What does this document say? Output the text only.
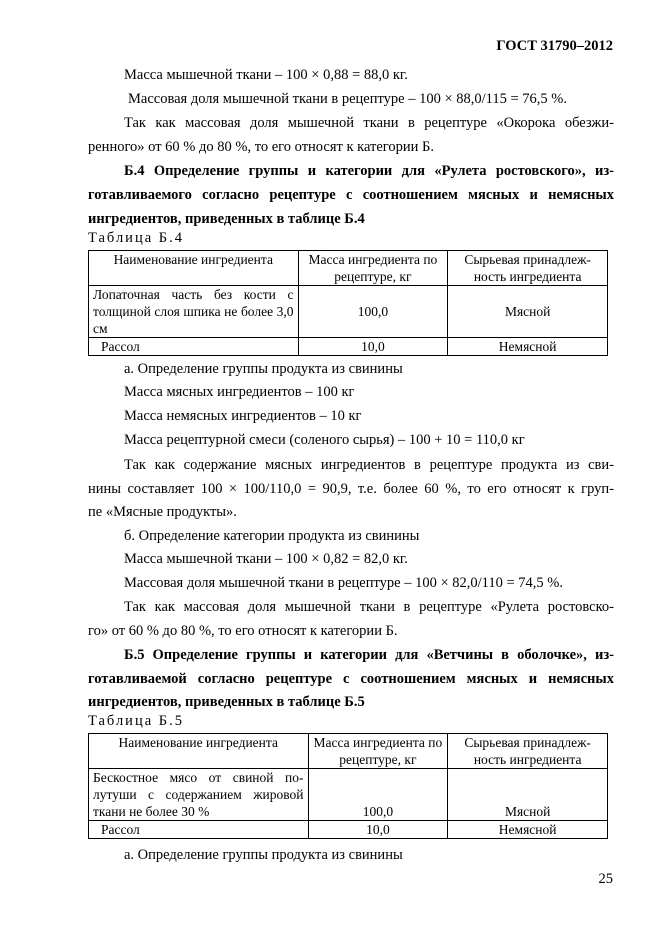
ГОСТ 31790–2012
Масса мышечной ткани – 100 × 0,88 = 88,0 кг.
Массовая доля мышечной ткани в рецептуре – 100 × 88,0/115 = 76,5 %.
Так как массовая доля мышечной ткани в рецептуре «Окорока обезжи-
ренного» от 60 % до 80 %, то его относят к категории Б.
Б.4 Определение группы и категории для «Рулета ростовского», из-
готавливаемого согласно рецептуре с соотношением мясных и немясных
ингредиентов, приведенных в таблице Б.4
Таблица Б.4
Наименование ингредиента	Масса ингредиента по рецептуре, кг	Сырьевая принадлеж- ность ингредиента
Лопаточная часть без кости с толщиной слоя шпика не более 3,0 см	100,0	Мясной
Рассол	10,0	Немясной
а. Определение группы продукта из свинины
Масса мясных ингредиентов – 100 кг
Масса немясных ингредиентов – 10 кг
Масса рецептурной смеси (соленого сырья) – 100 + 10 = 110,0 кг
Так как содержание мясных ингредиентов в рецептуре продукта из сви-
нины составляет 100 × 100/110,0 = 90,9, т.е. более 60 %, то его относят к груп-
пе «Мясные продукты».
б. Определение категории продукта из свинины
Масса мышечной ткани – 100 × 0,82 = 82,0 кг.
Массовая доля мышечной ткани в рецептуре – 100 × 82,0/110 = 74,5 %.
Так как массовая доля мышечной ткани в рецептуре «Рулета ростовско-
го» от 60 % до 80 %, то его относят к категории Б.
Б.5 Определение группы и категории для «Ветчины в оболочке», из-
готавливаемой согласно рецептуре с соотношением мясных и немясных
ингредиентов, приведенных в таблице Б.5
Таблица Б.5
Наименование ингредиента	Масса ингредиента по рецептуре, кг	Сырьевая принадлеж- ность ингредиента
Бескостное мясо от свиной по- лутуши с содержанием жировой ткани не более 30 %	100,0	Мясной
Рассол	10,0	Немясной
а. Определение группы продукта из свинины
25
